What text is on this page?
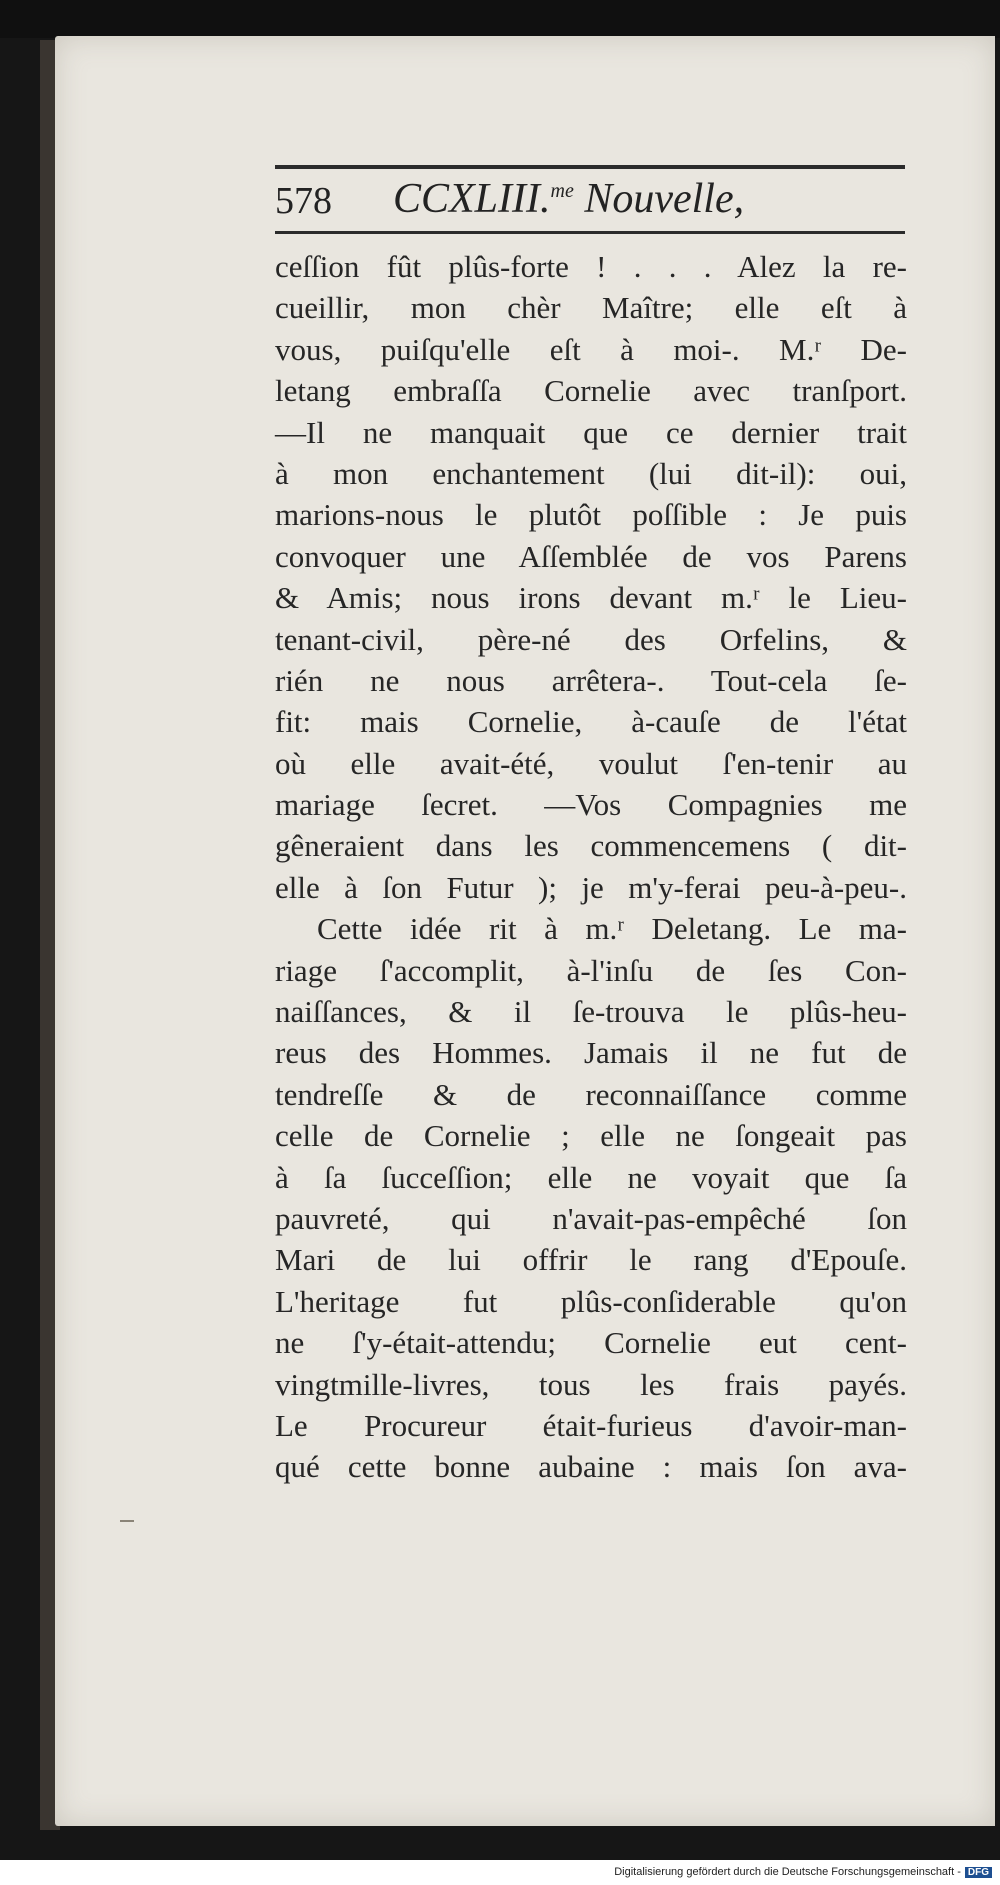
578 CCXLIII.$^{me}$ Nouvelle,
ceſſion fût plûs-forte ! . . . Alez la re-
cueillir, mon chèr Maître; elle eſt à
vous, puiſqu'elle eſt à moi-. M.ʳ De-
letang embraſſa Cornelie avec tranſport.
—Il ne manquait que ce dernier trait
à mon enchantement (lui dit-il): oui,
marions-nous le plutôt poſſible : Je puis
convoquer une Aſſemblée de vos Parens
& Amis; nous irons devant m.ʳ le Lieu-
tenant-civil, père-né des Orfelins, &
rién ne nous arrêtera-. Tout-cela ſe-
fit: mais Cornelie, à-cauſe de l'état
où elle avait-été, voulut ſ'en-tenir au
mariage ſecret. —Vos Compagnies me
gêneraient dans les commencemens ( dit-
elle à ſon Futur ); je m'y-ferai peu-à-peu-.
Cette idée rit à m.ʳ Deletang. Le ma-
riage ſ'accomplit, à-l'inſu de ſes Con-
naiſſances, & il ſe-trouva le plûs-heu-
reus des Hommes. Jamais il ne fut de
tendreſſe & de reconnaiſſance comme
celle de Cornelie ; elle ne ſongeait pas
à ſa ſucceſſion; elle ne voyait que ſa
pauvreté, qui n'avait-pas-empêché ſon
Mari de lui offrir le rang d'Epouſe.
L'heritage fut plûs-conſiderable qu'on
ne ſ'y-était-attendu; Cornelie eut cent-
vingtmille-livres, tous les frais payés.
Le Procureur était-furieus d'avoir-man-
qué cette bonne aubaine : mais ſon ava-
Digitalisierung gefördert durch die Deutsche Forschungsgemeinschaft - DFG
